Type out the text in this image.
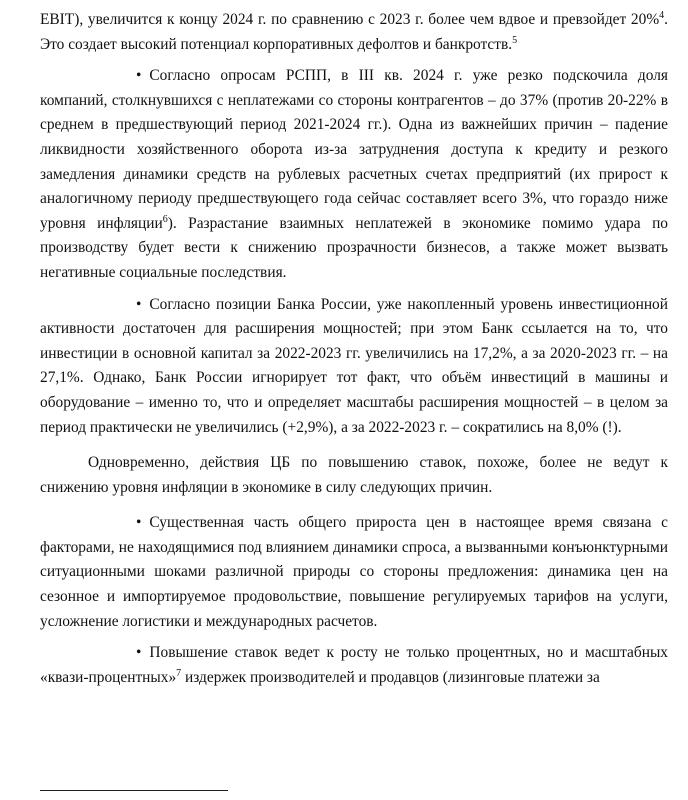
EBIT), увеличится к концу 2024 г. по сравнению с 2023 г. более чем вдвое и превзойдет 20%$^4$. Это создает высокий потенциал корпоративных дефолтов и банкротств.$^5$

• Согласно опросам РСПП, в III кв. 2024 г. уже резко подскочила доля компаний, столкнувшихся с неплатежами со стороны контрагентов – до 37% (против 20-22% в среднем в предшествующий период 2021-2024 гг.). Одна из важнейших причин – падение ликвидности хозяйственного оборота из-за затруднения доступа к кредиту и резкого замедления динамики средств на рублевых расчетных счетах предприятий (их прирост к аналогичному периоду предшествующего года сейчас составляет всего 3%, что гораздо ниже уровня инфляции$^6$). Разрастание взаимных неплатежей в экономике помимо удара по производству будет вести к снижению прозрачности бизнесов, а также может вызвать негативные социальные последствия.

• Согласно позиции Банка России, уже накопленный уровень инвестиционной активности достаточен для расширения мощностей; при этом Банк ссылается на то, что инвестиции в основной капитал за 2022-2023 гг. увеличились на 17,2%, а за 2020-2023 гг. – на 27,1%. Однако, Банк России игнорирует тот факт, что объём инвестиций в машины и оборудование – именно то, что и определяет масштабы расширения мощностей – в целом за период практически не увеличились (+2,9%), а за 2022-2023 г. – сократились на 8,0% (!).

Одновременно, действия ЦБ по повышению ставок, похоже, более не ведут к снижению уровня инфляции в экономике в силу следующих причин.

• Существенная часть общего прироста цен в настоящее время связана с факторами, не находящимися под влиянием динамики спроса, а вызванными конъюнктурными ситуационными шоками различной природы со стороны предложения: динамика цен на сезонное и импортируемое продовольствие, повышение регулируемых тарифов на услуги, усложнение логистики и международных расчетов.

• Повышение ставок ведет к росту не только процентных, но и масштабных «квази-процентных»$^7$ издержек производителей и продавцов (лизинговые платежи за
